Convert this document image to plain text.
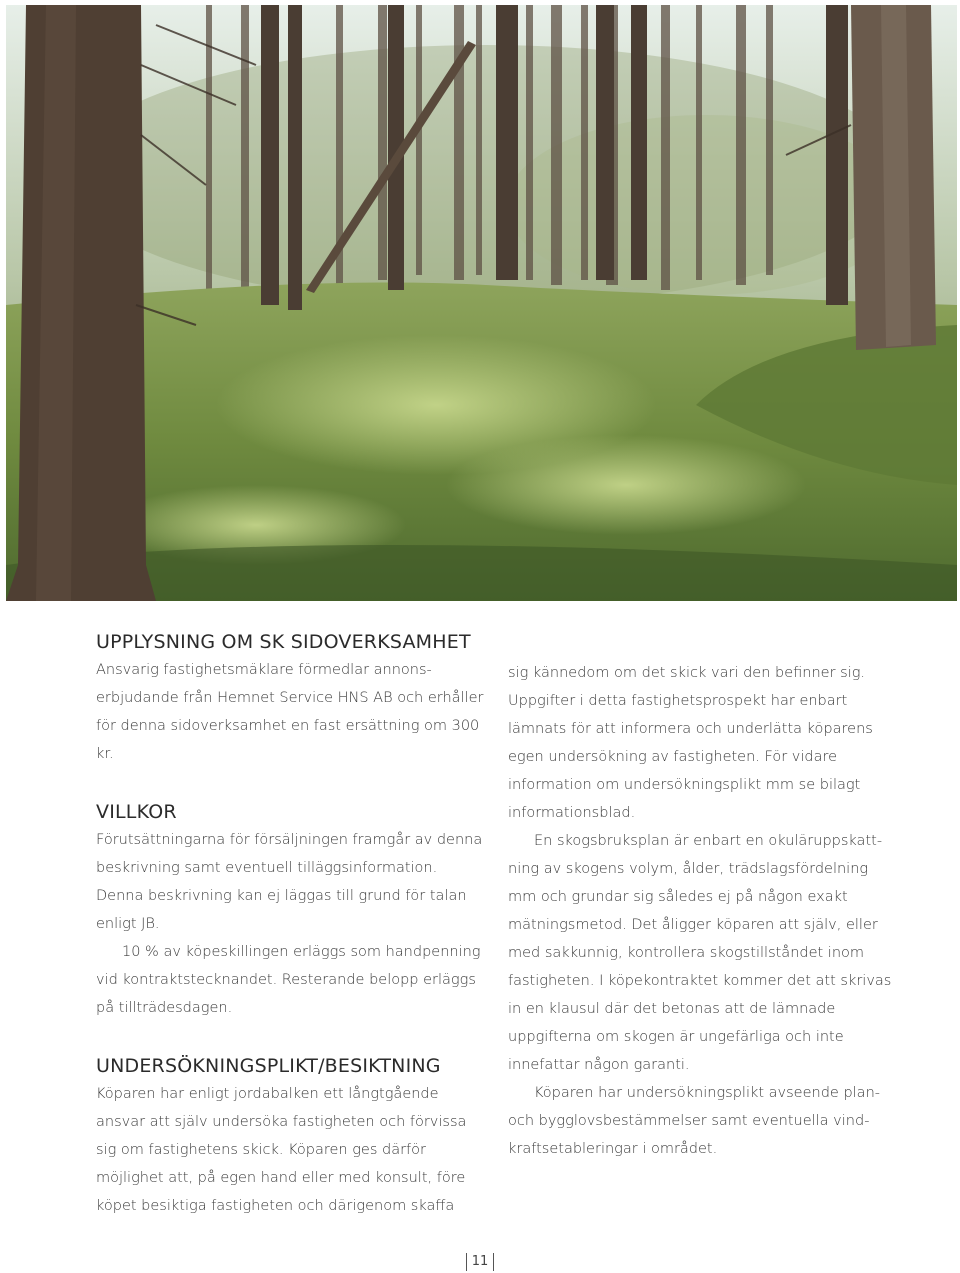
UPPLYSNING OM SK SIDOVERKSAMHET

Ansvarig fastighetsmäklare förmedlar annonserbjudande från Hemnet Service HNS AB och erhåller för denna sidoverksamhet en fast ersättning om 300 kr.

VILLKOR

Förutsättningarna för försäljningen framgår av denna beskrivning samt eventuell tilläggsinformation. Denna beskrivning kan ej läggas till grund för talan enligt JB.

10 % av köpeskillingen erläggs som handpenning vid kontraktstecknandet. Resterande belopp erläggs på tillträdesdagen.

UNDERSÖKNINGSPLIKT/BESIKTNING

Köparen har enligt jordabalken ett långtgående ansvar att själv undersöka fastigheten och förvissa sig om fastighetens skick. Köparen ges därför möjlighet att, på egen hand eller med konsult, före köpet besiktiga fastigheten och därigenom skaffa

sig kännedom om det skick vari den befinner sig. Uppgifter i detta fastighetsprospekt har enbart lämnats för att informera och underlätta köparens egen undersökning av fastigheten. För vidare information om undersökningsplikt mm se bilagt informationsblad.

En skogsbruksplan är enbart en okuläruppskattning av skogens volym, ålder, trädslagsfördelning mm och grundar sig således ej på någon exakt mätningsmetod. Det åligger köparen att själv, eller med sakkunnig, kontrollera skogstillståndet inom fastigheten. I köpekontraktet kommer det att skrivas in en klausul där det betonas att de lämnade uppgifterna om skogen är ungefärliga och inte innefattar någon garanti.

Köparen har undersökningsplikt avseende plan- och bygglovsbestämmelser samt eventuella vindkraftsetableringar i området.

11
